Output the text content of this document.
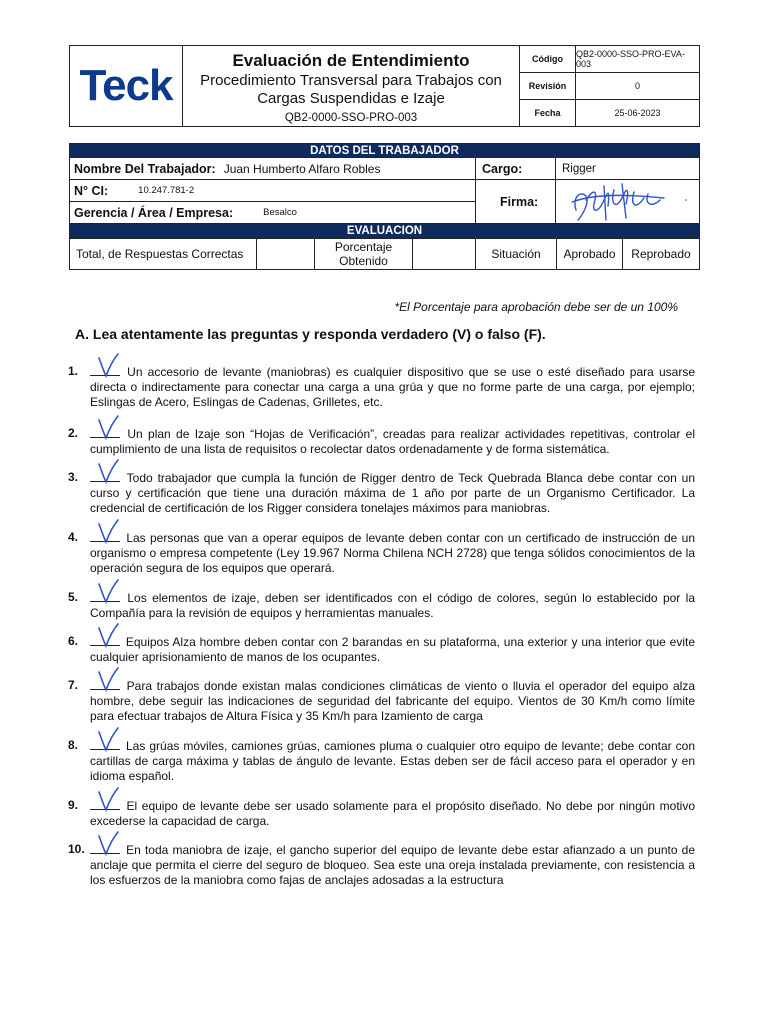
Teck
Evaluación de Entendimiento
Procedimiento Transversal para Trabajos con Cargas Suspendidas e Izaje
QB2-0000-SSO-PRO-003
Código	QB2-0000-SSO-PRO-EVA-003
Revisión	0
Fecha	25-06-2023
DATOS DEL TRABAJADOR
Nombre Del Trabajador: Juan Humberto Alfaro Robles	Cargo:	Rigger
N° CI:	10.247.781-2
Gerencia / Área / Empresa:	Besalco
Firma:
EVALUACION
Total, de Respuestas Correctas	Porcentaje Obtenido	Situación	Aprobado	Reprobado
*El Porcentaje para aprobación debe ser de un 100%
A. Lea atentamente las preguntas y responda verdadero (V) o falso (F).
1.	Un accesorio de levante (maniobras) es cualquier dispositivo que se use o esté diseñado para usarse directa o indirectamente para conectar una carga a una grúa y que no forme parte de una carga, por ejemplo; Eslingas de Acero, Eslingas de Cadenas, Grilletes, etc.
2.	Un plan de Izaje son “Hojas de Verificación”, creadas para realizar actividades repetitivas, controlar el cumplimiento de una lista de requisitos o recolectar datos ordenadamente y de forma sistemática.
3.	Todo trabajador que cumpla la función de Rigger dentro de Teck Quebrada Blanca debe contar con un curso y certificación que tiene una duración máxima de 1 año por parte de un Organismo Certificador. La credencial de certificación de los Rigger considera tonelajes máximos para maniobras.
4.	Las personas que van a operar equipos de levante deben contar con un certificado de instrucción de un organismo o empresa competente (Ley 19.967 Norma Chilena NCH 2728) que tenga sólidos conocimientos de la operación segura de los equipos que operará.
5.	Los elementos de izaje, deben ser identificados con el código de colores, según lo establecido por la Compañía para la revisión de equipos y herramientas manuales.
6.	Equipos Alza hombre deben contar con 2 barandas en su plataforma, una exterior y una interior que evite cualquier aprisionamiento de manos de los ocupantes.
7.	Para trabajos donde existan malas condiciones climáticas de viento o lluvia el operador del equipo alza hombre, debe seguir las indicaciones de seguridad del fabricante del equipo. Vientos de 30 Km/h como límite para efectuar trabajos de Altura Física y 35 Km/h para Izamiento de carga
8.	Las grúas móviles, camiones grúas, camiones pluma o cualquier otro equipo de levante; debe contar con cartillas de carga máxima y tablas de ángulo de levante. Estas deben ser de fácil acceso para el operador y en idioma español.
9.	El equipo de levante debe ser usado solamente para el propósito diseñado. No debe por ningún motivo excederse la capacidad de carga.
10.	En toda maniobra de izaje, el gancho superior del equipo de levante debe estar afianzado a un punto de anclaje que permita el cierre del seguro de bloqueo. Sea este una oreja instalada previamente, con resistencia a los esfuerzos de la maniobra como fajas de anclajes adosadas a la estructura
